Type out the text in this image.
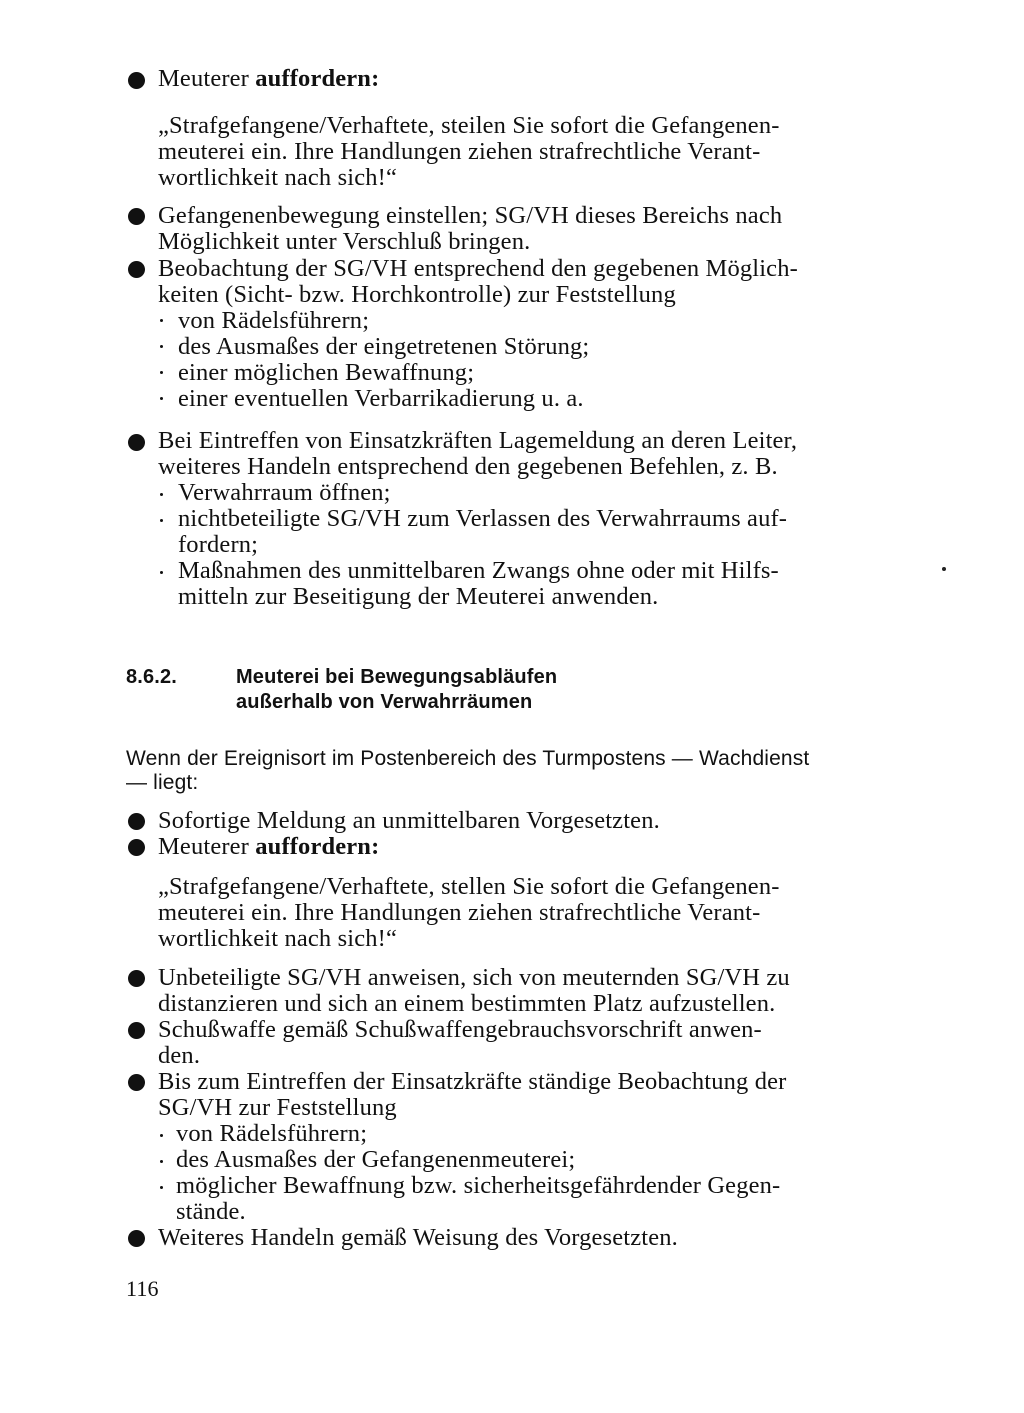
Meuterer auffordern:
„Strafgefangene/Verhaftete, steilen Sie sofort die Gefangenen-
meuterei ein. Ihre Handlungen ziehen strafrechtliche Verant-
wortlichkeit nach sich!“
Gefangenenbewegung einstellen; SG/VH dieses Bereichs nach
Möglichkeit unter Verschluß bringen.
Beobachtung der SG/VH entsprechend den gegebenen Möglich-
keiten (Sicht- bzw. Horchkontrolle) zur Feststellung
von Rädelsführern;
des Ausmaßes der eingetretenen Störung;
einer möglichen Bewaffnung;
einer eventuellen Verbarrikadierung u. a.
Bei Eintreffen von Einsatzkräften Lagemeldung an deren Leiter,
weiteres Handeln entsprechend den gegebenen Befehlen, z. B.
Verwahrraum öffnen;
nichtbeteiligte SG/VH zum Verlassen des Verwahrraums auf-
fordern;
Maßnahmen des unmittelbaren Zwangs ohne oder mit Hilfs-
mitteln zur Beseitigung der Meuterei anwenden.
8.6.2.	Meuterei bei Bewegungsabläufen
außerhalb von Verwahrräumen
Wenn der Ereignisort im Postenbereich des Turmpostens — Wachdienst
— liegt:
Sofortige Meldung an unmittelbaren Vorgesetzten.
Meuterer auffordern:
„Strafgefangene/Verhaftete, stellen Sie sofort die Gefangenen-
meuterei ein. Ihre Handlungen ziehen strafrechtliche Verant-
wortlichkeit nach sich!“
Unbeteiligte SG/VH anweisen, sich von meuternden SG/VH zu
distanzieren und sich an einem bestimmten Platz aufzustellen.
Schußwaffe gemäß Schußwaffengebrauchsvorschrift anwen-
den.
Bis zum Eintreffen der Einsatzkräfte ständige Beobachtung der
SG/VH zur Feststellung
von Rädelsführern;
des Ausmaßes der Gefangenenmeuterei;
möglicher Bewaffnung bzw. sicherheitsgefährdender Gegen-
stände.
Weiteres Handeln gemäß Weisung des Vorgesetzten.
116
